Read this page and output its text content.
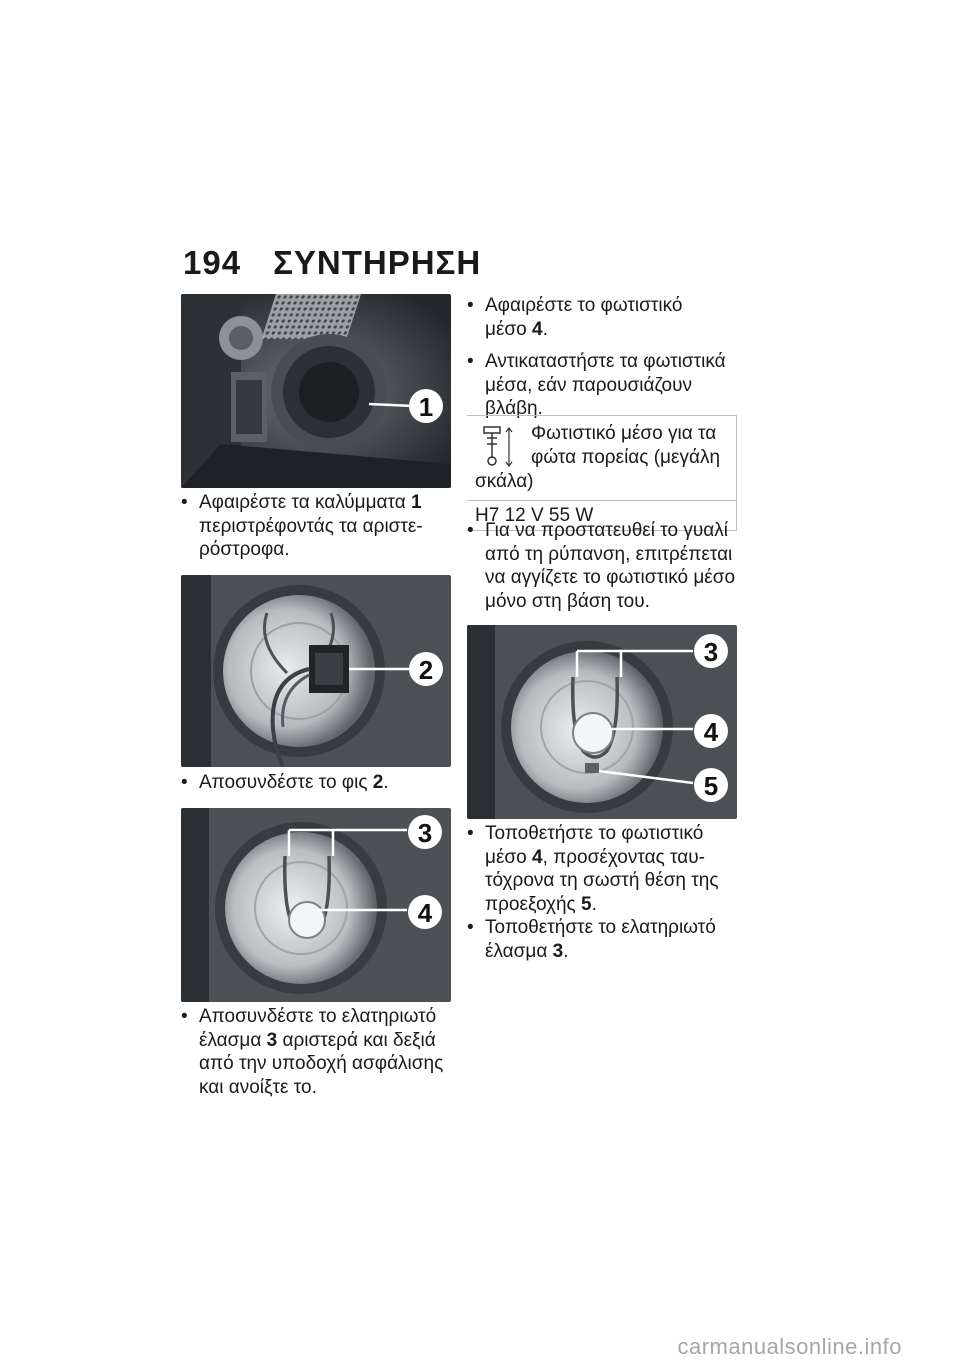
194 ΣΥΝΤΗΡΗΣΗ
1

• Αφαιρέστε τα καλύμματα 1
περιστρέφοντάς τα αριστε-
ρόστροφα.

2

• Αποσυνδέστε το φις 2.

3
4

• Αποσυνδέστε το ελατηριωτό
έλασμα 3 αριστερά και δεξιά
από την υποδοχή ασφάλισης
και ανοίξτε το.

• Αφαιρέστε το φωτιστικό
μέσο 4.

• Αντικαταστήστε τα φωτιστικά
μέσα, εάν παρουσιάζουν
βλάβη.

Φωτιστικό μέσο για τα
φώτα πορείας (μεγάλη
σκάλα)
H7 12 V 55 W

• Για να προστατευθεί το γυαλί
από τη ρύπανση, επιτρέπεται
να αγγίζετε το φωτιστικό μέσο
μόνο στη βάση του.

3
4
5

• Τοποθετήστε το φωτιστικό
μέσο 4, προσέχοντας ταυ-
τόχρονα τη σωστή θέση της
προεξοχής 5.

• Τοποθετήστε το ελατηριωτό
έλασμα 3.

carmanualsonline.info
